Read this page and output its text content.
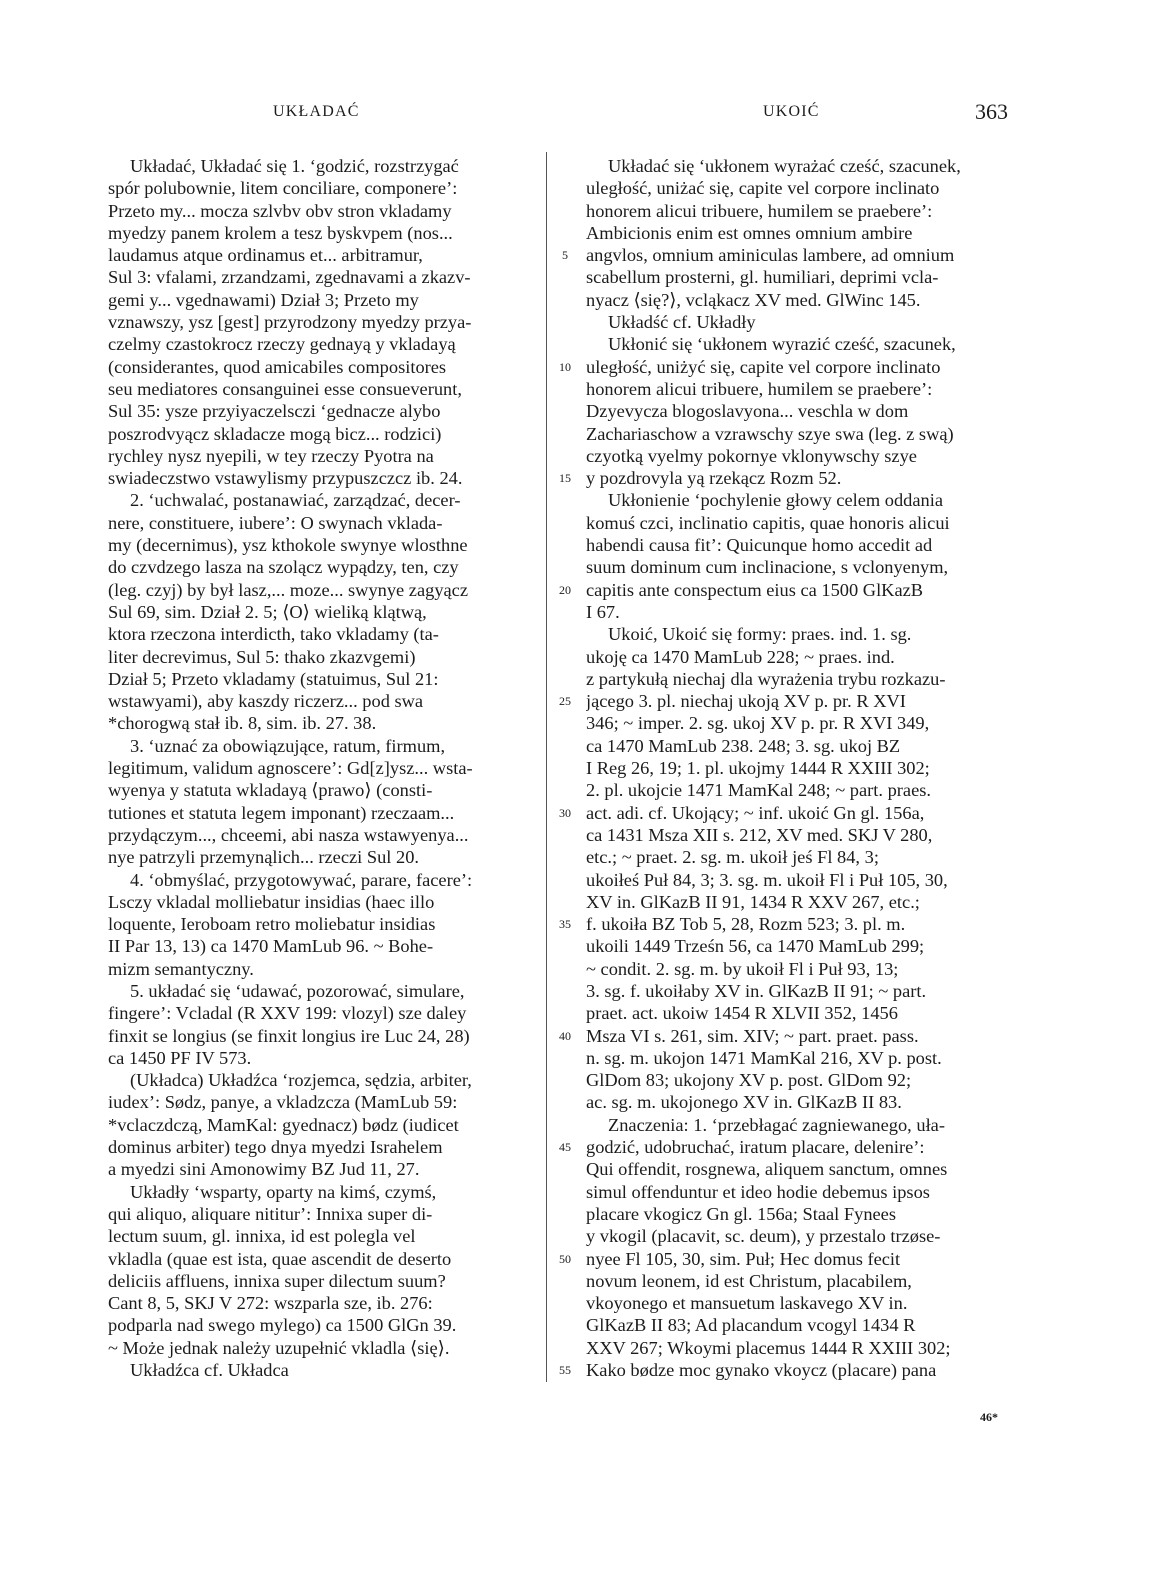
UKŁADAĆ	UKOIĆ	363
Układać, Układać się 1. ʻgodzić, rozstrzygać
spór polubownie, litem conciliare, componereʼ:
Przeto my... mocza szlvbv obv stron vkladamy
myedzy panem krolem a tesz byskvpem (nos...
laudamus atque ordinamus et... arbitramur,
Sul 3: vfalami, zrzandzami, zgednavami a zkazv-
gemi y... vgednawami) Dział 3; Przeto my
vznawszy, ysz [gest] przyrodzony myedzy przya-
czelmy czastokrocz rzeczy gednayą y vkladayą
(considerantes, quod amicabiles compositores
seu mediatores consanguinei esse consueverunt,
Sul 35: ysze przyiyaczelsczi ʻgednacze alybo
poszrodvyącz skladacze mogą bicz... rodzici)
rychley nysz nyepili, w tey rzeczy Pyotra na
swiadeczstwo vstawylismy przypuszczcz ib. 24.
2. ʻuchwalać, postanawiać, zarządzać, decer-
nere, constituere, iubereʼ: O swynach vklada-
my (decernimus), ysz kthokole swynye wlosthne
do czvdzego lasza na szolącz wypądzy, ten, czy
(leg. czyj) by był lasz,... moze... swynye zagyącz
Sul 69, sim. Dział 2. 5; ⟨O⟩ wieliką klątwą,
ktora rzeczona interdicth, tako vkladamy (ta-
liter decrevimus, Sul 5: thako zkazvgemi)
Dział 5; Przeto vkladamy (statuimus, Sul 21:
wstawyami), aby kaszdy riczerz... pod swa
*chorogwą stał ib. 8, sim. ib. 27. 38.
3. ʻuznać za obowiązujące, ratum, firmum,
legitimum, validum agnoscereʼ: Gd[z]ysz... wsta-
wyenya y statuta wkladayą ⟨prawo⟩ (consti-
tutiones et statuta legem imponant) rzeczaam...
przydączym..., chceemi, abi nasza wstawyenya...
nye patrzyli przemynąlich... rzeczi Sul 20.
4. ʻobmyślać, przygotowywać, parare, facereʼ:
Lsczy vkladal molliebatur insidias (haec illo
loquente, Ieroboam retro moliebatur insidias
II Par 13, 13) ca 1470 MamLub 96. ~ Bohe-
mizm semantyczny.
5. układać się ʻudawać, pozorować, simulare,
fingereʼ: Vcladal (R XXV 199: vlozyl) sze daley
finxit se longius (se finxit longius ire Luc 24, 28)
ca 1450 PF IV 573.
(Układca) Układźca ʻrozjemca, sędzia, arbiter,
iudexʼ: Sødz, panye, a vkladzcza (MamLub 59:
*vclaczdczą, MamKal: gyednacz) bødz (iudicet
dominus arbiter) tego dnya myedzi Israhelem
a myedzi sini Amonowimy BZ Jud 11, 27.
Układły ʻwsparty, oparty na kimś, czymś,
qui aliquo, aliquare nititurʼ: Innixa super di-
lectum suum, gl. innixa, id est polegla vel
vkladla (quae est ista, quae ascendit de deserto
deliciis affluens, innixa super dilectum suum?
Cant 8, 5, SKJ V 272: wszparla sze, ib. 276:
podparla nad swego mylego) ca 1500 GlGn 39.
~ Może jednak należy uzupełnić vkladla ⟨się⟩.
Układźca cf. Układca
5
10
15
20
25
30
35
40
45
50
55
Układać się ʻukłonem wyrażać cześć, szacunek,
uległość, uniżać się, capite vel corpore inclinato
honorem alicui tribuere, humilem se praebereʼ:
Ambicionis enim est omnes omnium ambire
angvlos, omnium aminiculas lambere, ad omnium
scabellum prosterni, gl. humiliari, deprimi vcla-
nyacz ⟨się?⟩, vcląkacz XV med. GlWinc 145.
Układść cf. Układły
Ukłonić się ʻukłonem wyrazić cześć, szacunek,
uległość, uniżyć się, capite vel corpore inclinato
honorem alicui tribuere, humilem se praebereʼ:
Dzyevycza blogoslavyona... veschla w dom
Zachariaschow a vzrawschy szye swa (leg. z swą)
czyotką vyelmy pokornye vklonywschy szye
y pozdrovyla yą rzekącz Rozm 52.
Ukłonienie ʻpochylenie głowy celem oddania
komuś czci, inclinatio capitis, quae honoris alicui
habendi causa fitʼ: Quicunque homo accedit ad
suum dominum cum inclinacione, s vclonyenym,
capitis ante conspectum eius ca 1500 GlKazB
I 67.
Ukoić, Ukoić się formy: praes. ind. 1. sg.
ukoję ca 1470 MamLub 228; ~ praes. ind.
z partykułą niechaj dla wyrażenia trybu rozkazu-
jącego 3. pl. niechaj ukoją XV p. pr. R XVI
346; ~ imper. 2. sg. ukoj XV p. pr. R XVI 349,
ca 1470 MamLub 238. 248; 3. sg. ukoj BZ
I Reg 26, 19; 1. pl. ukojmy 1444 R XXIII 302;
2. pl. ukojcie 1471 MamKal 248; ~ part. praes.
act. adi. cf. Ukojący; ~ inf. ukoić Gn gl. 156a,
ca 1431 Msza XII s. 212, XV med. SKJ V 280,
etc.; ~ praet. 2. sg. m. ukoił jeś Fl 84, 3;
ukoiłeś Puł 84, 3; 3. sg. m. ukoił Fl i Puł 105, 30,
XV in. GlKazB II 91, 1434 R XXV 267, etc.;
f. ukoiła BZ Tob 5, 28, Rozm 523; 3. pl. m.
ukoili 1449 Trześn 56, ca 1470 MamLub 299;
~ condit. 2. sg. m. by ukoił Fl i Puł 93, 13;
3. sg. f. ukoiłaby XV in. GlKazB II 91; ~ part.
praet. act. ukoiw 1454 R XLVII 352, 1456
Msza VI s. 261, sim. XIV; ~ part. praet. pass.
n. sg. m. ukojon 1471 MamKal 216, XV p. post.
GlDom 83; ukojony XV p. post. GlDom 92;
ac. sg. m. ukojonego XV in. GlKazB II 83.
Znaczenia: 1. ʻprzebłagać zagniewanego, uła-
godzić, udobruchać, iratum placare, delenireʼ:
Qui offendit, rosgnewa, aliquem sanctum, omnes
simul offenduntur et ideo hodie debemus ipsos
placare vkogicz Gn gl. 156a; Staal Fynees
y vkogil (placavit, sc. deum), y przestalo trzøse-
nyee Fl 105, 30, sim. Puł; Hec domus fecit
novum leonem, id est Christum, placabilem,
vkoyonego et mansuetum laskavego XV in.
GlKazB II 83; Ad placandum vcogyl 1434 R
XXV 267; Wkoymi placemus 1444 R XXIII 302;
Kako bødze moc gynako vkoycz (placare) pana
46*
